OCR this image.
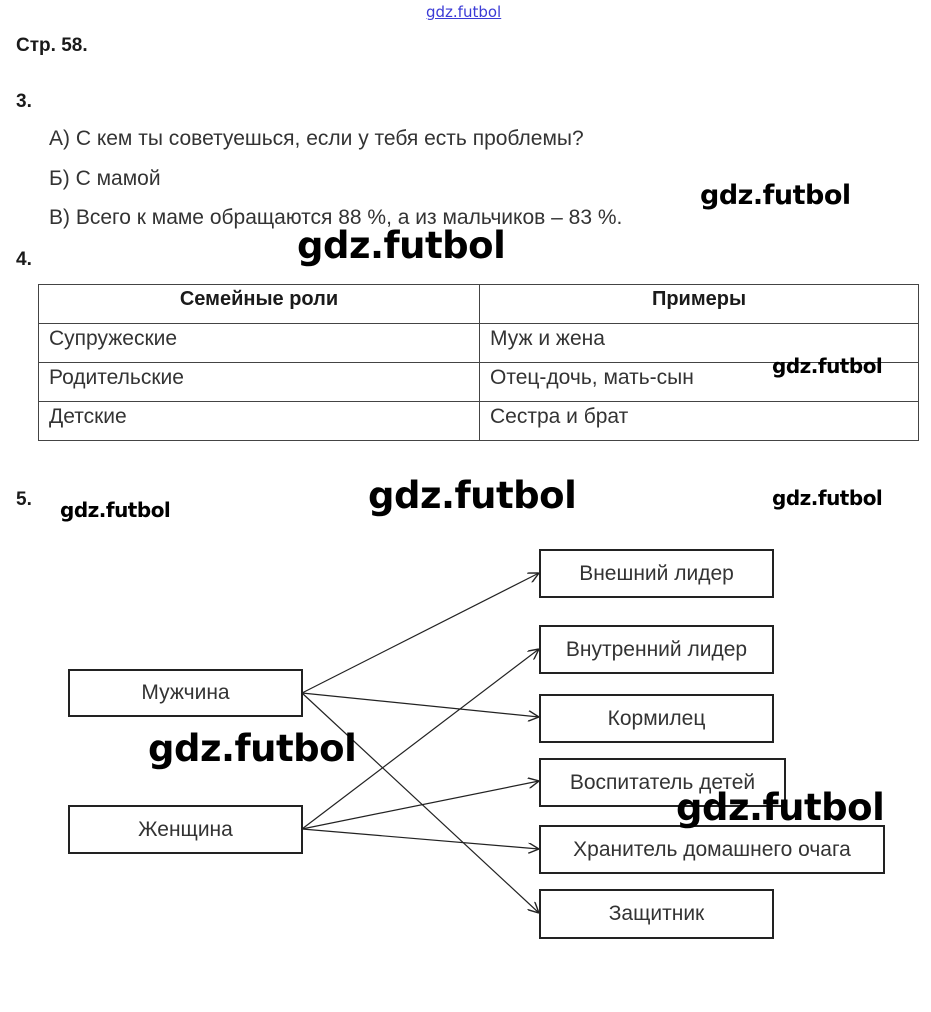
gdz.futbol
Стр. 58.
3.
А) С кем ты советуешься, если у тебя есть проблемы?
Б) С мамой
В) Всего к маме обращаются 88 %, а из мальчиков – 83 %.
4.
Семейные роли	Примеры
Супружеские	Муж и жена
Родительские	Отец-дочь, мать-сын
Детские	Сестра и брат
5.
Мужчина
Женщина
Внешний лидер
Внутренний лидер
Кормилец
Воспитатель детей
Хранитель домашнего очага
Защитник
gdz.futbol
gdz.futbol
gdz.futbol
gdz.futbol	gdz.futbol
gdz.futbol
gdz.futbol
gdz.futbol
